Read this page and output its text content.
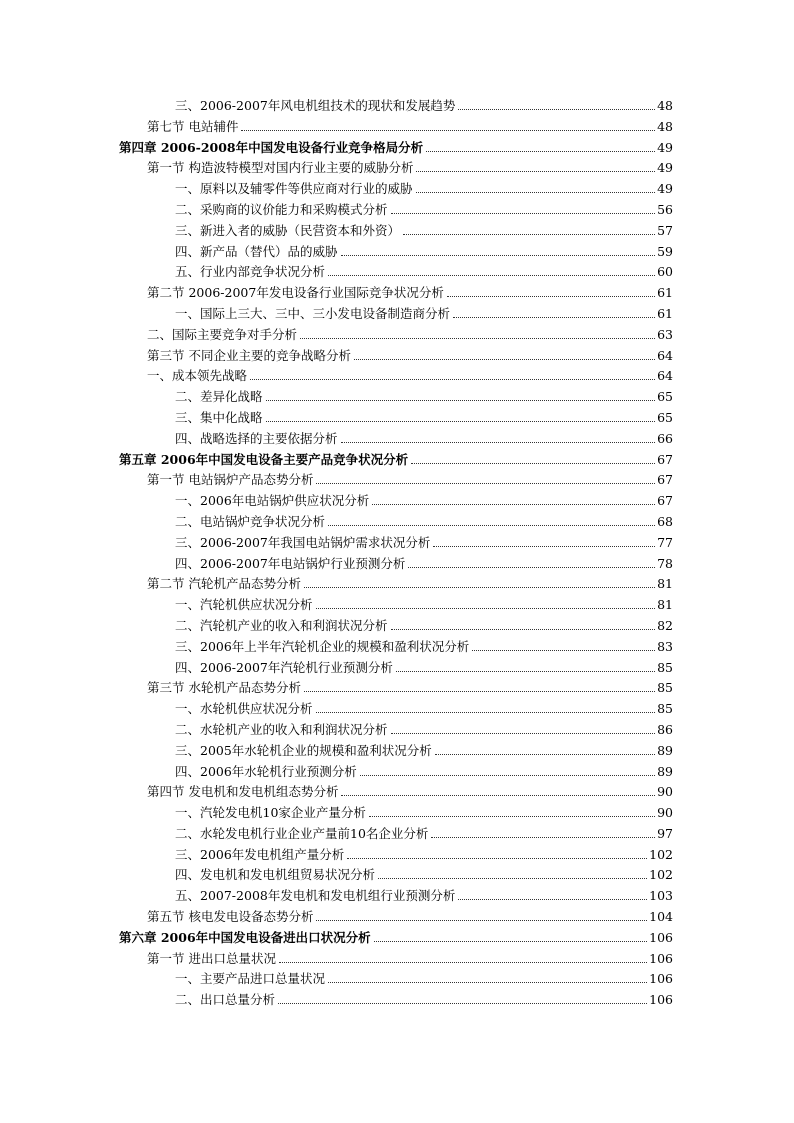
三、2006-2007年风电机组技术的现状和发展趋势	48
第七节 电站辅件	48
第四章 2006-2008年中国发电设备行业竞争格局分析	49
第一节 构造波特模型对国内行业主要的威胁分析	49
一、原料以及辅零件等供应商对行业的威胁	49
二、采购商的议价能力和采购模式分析	56
三、新进入者的威胁（民营资本和外资）	57
四、新产品（替代）品的威胁	59
五、行业内部竞争状况分析	60
第二节 2006-2007年发电设备行业国际竞争状况分析	61
一、国际上三大、三中、三小发电设备制造商分析	61
二、国际主要竞争对手分析	63
第三节 不同企业主要的竞争战略分析	64
一、成本领先战略	64
二、差异化战略	65
三、集中化战略	65
四、战略选择的主要依据分析	66
第五章 2006年中国发电设备主要产品竞争状况分析	67
第一节 电站锅炉产品态势分析	67
一、2006年电站锅炉供应状况分析	67
二、电站锅炉竞争状况分析	68
三、2006-2007年我国电站锅炉需求状况分析	77
四、2006-2007年电站锅炉行业预测分析	78
第二节 汽轮机产品态势分析	81
一、汽轮机供应状况分析	81
二、汽轮机产业的收入和利润状况分析	82
三、2006年上半年汽轮机企业的规模和盈利状况分析	83
四、2006-2007年汽轮机行业预测分析	85
第三节 水轮机产品态势分析	85
一、水轮机供应状况分析	85
二、水轮机产业的收入和利润状况分析	86
三、2005年水轮机企业的规模和盈利状况分析	89
四、2006年水轮机行业预测分析	89
第四节 发电机和发电机组态势分析	90
一、汽轮发电机10家企业产量分析	90
二、水轮发电机行业企业产量前10名企业分析	97
三、2006年发电机组产量分析	102
四、发电机和发电机组贸易状况分析	102
五、2007-2008年发电机和发电机组行业预测分析	103
第五节 核电发电设备态势分析	104
第六章 2006年中国发电设备进出口状况分析	106
第一节 进出口总量状况	106
一、主要产品进口总量状况	106
二、出口总量分析	106
